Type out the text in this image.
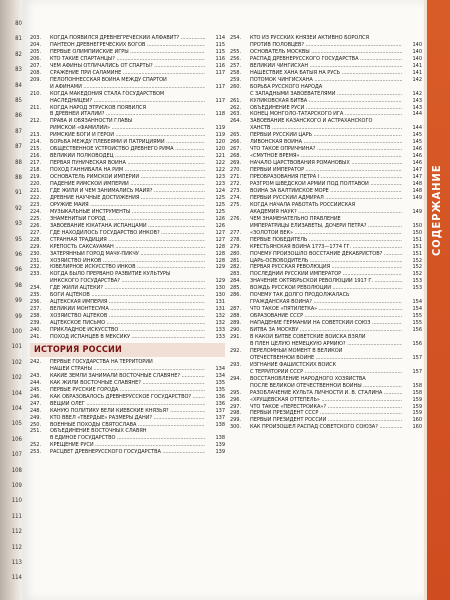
80
81
82
83
84
85
86
87
87
88
88
91
92
93
95
96
96
98
99
99
100
101
102
102
104
104
105
106
107
108
109
110
111
112
112
113
114
203.	КОГДА ПОЯВИЛСЯ ДРЕВНЕГРЕЧЕСКИЙ АЛФАВИТ? .....	114
204.	ПАНТЕОН ДРЕВНЕГРЕЧЕСКИХ БОГОВ .....	115
205.	ПЕРВЫЕ ОЛИМПИЙСКИЕ ИГРЫ .....	115
206.	КТО ТАКИЕ СПАРТАНЦЫ? .....	116
207.	ЧЕМ АФИНЫ ОТЛИЧАЛИСЬ ОТ СПАРТЫ? .....	116
208.	СРАЖЕНИЕ ПРИ САЛАМИНЕ .....	117
209.	ПЕЛОПОННЕССКАЯ ВОЙНА МЕЖДУ СПАРТОЙ
И АФИНАМИ .....	117
210.	КОГДА МАКЕДОНИЯ СТАЛА ГОСУДАРСТВОМ
НАСЛЕДНИЦЕЙ? .....	117
211.	КОГДА НАРОД ЭТРУСКОВ ПОЯВИЛСЯ
В ДРЕВНЕЙ ИТАЛИИ? .....	118
212.	ПРАВА И ОБЯЗАННОСТИ ГЛАВЫ
РИМСКОЙ «ФАМИЛИИ» .....	119
213.	РИМСКИЕ БОГИ И ГЕРОИ .....	119
214.	БОРЬБА МЕЖДУ ПЛЕБЕЯМИ И ПАТРИЦИЯМИ .....	120
215.	ОБЩЕСТВЕННОЕ УСТРОЙСТВО ДРЕВНЕГО РИМА .....	120
216.	ВЕЛИКИЙ ПОЛКОВОДЕЦ .....	121
217.	ПЕРВАЯ ПУНИЧЕСКАЯ ВОЙНА .....	122
218.	ПОХОД ГАННИБАЛА НА РИМ .....	122
219.	ОСНОВАТЕЛЬ РИМСКОЙ ИМПЕРИИ .....	123
220.	ПАДЕНИЕ РИМСКОЙ ИМПЕРИИ .....	123
221.	ГДЕ ЖИЛИ И ЧЕМ ЗАНИМАЛИСЬ МАЙЯ? .....	124
222.	ДРЕВНИЕ НАУЧНЫЕ ДОСТИЖЕНИЯ .....	125
223.	ОРУЖИЕ МАЙЯ .....	125
224.	МУЗЫКАЛЬНЫЕ ИНСТРУМЕНТЫ .....	125
225.	ЗНАМЕНИТЫЙ ГОРОД .....	126
226.	ЗАВОЕВАНИЕ ЮКАТАНА ИСПАНЦАМИ .....	126
227.	ГДЕ НАХОДИЛОСЬ ГОСУДАРСТВО ИНКОВ? .....	127
228.	СТРАННАЯ ТРАДИЦИЯ .....	127
229.	КРЕПОСТЬ САКСАУАМАН .....	128
230.	ЗАТЕРЯННЫЙ ГОРОД МАЧУ-ПИКЧУ .....	128
231.	ХОЗЯЙСТВО ИНКОВ .....	128
232.	ЮВЕЛИРНОЕ ИСКУССТВО ИНКОВ .....	129
233.	КОГДА БЫЛО ПРЕРВАНО РАЗВИТИЕ КУЛЬТУРЫ
ИНКСКОГО ГОСУДАРСТВА? .....	129
234.	ГДЕ ЖИЛИ АЦТЕКИ? .....	130
235.	БОГИ АЦТЕКОВ .....	130
236.	АЦТЕКСКАЯ ИМПЕРИЯ .....	131
237.	ВЕЛИКИЙ МОНТЕСУМА .....	131
238.	ХОЗЯЙСТВО АЦТЕКОВ .....	132
239.	АЦТЕКСКОЕ ПИСЬМО .....	132
240.	ПРИКЛАДНОЕ ИСКУССТВО .....	133
241.	ПОХОД ИСПАНЦЕВ В МЕКСИКУ .....	133
ИСТОРИЯ РОССИИ
242.	ПЕРВЫЕ ГОСУДАРСТВА НА ТЕРРИТОРИИ
НАШЕЙ СТРАНЫ .....	134
243.	КАКИЕ ЗЕМЛИ ЗАНИМАЛИ ВОСТОЧНЫЕ СЛАВЯНЕ? .....	134
244.	КАК ЖИЛИ ВОСТОЧНЫЕ СЛАВЯНЕ? .....	135
245.	ПЕРВЫЕ РУССКИЕ ГОРОДА .....	135
246.	КАК ОБРАЗОВАЛОСЬ ДРЕВНЕРУССКОЕ ГОСУДАРСТВО? .....	136
247.	ВЕЩИЙ ОЛЕГ .....	136
248.	КАНУЮ ПОЛИТИКУ ВЕЛИ КИЕВСКИЕ КНЯЗЬЯ? .....	137
249.	КТО ВВЁЛ «ТВЁРДЫЕ» РАЗМЕРЫ ДАНИ? .....	137
250.	ВОЕННЫЕ ПОХОДЫ СВЯТОСЛАВА .....	138
251.	ОБЪЕДИНЕНИЕ ВОСТОЧНЫХ СЛАВЯН
В ЕДИНОЕ ГОСУДАРСТВО .....	138
252.	КРЕЩЕНИЕ РУСИ .....	139
253.	РАСЦВЕТ ДРЕВНЕРУССКОГО ГОСУДАРСТВА .....	139
254.	КТО ИЗ РУССКИХ КНЯЗЕЙ АКТИВНО БОРОЛСЯ
ПРОТИВ ПОЛОВЦЕВ? .....	140
255.	ОСНОВАТЕЛЬ МОСКВЫ .....	140
256.	РАСПАД ДРЕВНЕРУССКОГО ГОСУДАРСТВА .....	140
257.	ВЕЛИКИЙ ЧИНГИСХАН .....	141
258.	НАШЕСТВИЕ ХАНА БАТЫЯ НА РУСЬ .....	141
259.	ПОТОМОК ЧИНГИСХАНА .....	142
260.	БОРЬБА РУССКОГО НАРОДА
С ЗАПАДНЫМИ ЗАВОЕВАТЕЛЯМИ .....	142
261.	КУЛИКОВСКАЯ БИТВА .....	143
262.	ОБЪЕДИНЕНИЕ РУСИ .....	143
263.	КОНЕЦ МОНГОЛО-ТАТАРСКОГО ИГА .....	144
264.	ЗАВОЕВАНИЕ КАЗАНСКОГО И АСТРАХАНСКОГО
ХАНСТВ .....	144
265.	ПЕРВЫЙ РУССКИЙ ЦАРЬ .....	145
266.	ЛИВОНСКАЯ ВОЙНА .....	145
267.	ЧТО ТАКОЕ ОПРИЧНИНА? .....	146
268.	«СМУТНОЕ ВРЕМЯ» .....	146
269.	НАЧАЛО ЦАРСТВОВАНИЯ РОМАНОВЫХ .....	146
270.	ПЕРВЫЙ ИМПЕРАТОР .....	147
271.	ПРЕОБРАЗОВАНИЯ ПЕТРА I .....	147
272.	РАЗГРОМ ШВЕДСКОЙ АРМИИ ПОД ПОЛТАВОЙ .....	148
273.	ВОЙНА ЗА БАЛТИЙСКОЕ МОРЕ .....	148
274.	ПЕРВЫЙ РУССКИЙ АДМИРАЛ .....	149
275.	КОГДА НАЧАЛА РАБОТАТЬ РОССИЙСКАЯ
АКАДЕМИЯ НАУК? .....	149
276.	ЧЕМ ЗНАМЕНАТЕЛЬНО ПРАВЛЕНИЕ
ИМПЕРАТРИЦЫ ЕЛИЗАВЕТЫ, ДОЧЕРИ ПЕТРА? .....	150
277.	«ЗОЛОТОЙ ВЕК» .....	150
278.	ПЕРВЫЕ ПОБЕДИТЕЛЬ .....	151
279.	КРЕСТЬЯНСКАЯ ВОЙНА 1773—1774 ГГ. .....	151
280.	ПОЧЕМУ ПРОИЗОШЛО ВОССТАНИЕ ДЕКАБРИСТОВ? .....	151
281.	ЦАРЬ-ОСВОБОДИТЕЛЬ .....	152
282.	ПЕРВАЯ РУССКАЯ РЕВОЛЮЦИЯ .....	152
283.	ПОСЛЕДНИЙ РУССКИЙ ИМПЕРАТОР .....	152
284.	ЗНАЧЕНИЕ ОКТЯБРЬСКОЙ РЕВОЛЮЦИИ 1917 Г. .....	153
285.	ВОЖДЬ РУССКОЙ РЕВОЛЮЦИИ .....	153
286.	ПОЧЕМУ ТАК ДОЛГО ПРОДОЛЖАЛАСЬ
ГРАЖДАНСКАЯ ВОЙНА? .....	154
287.	ЧТО ТАКОЕ «ПЯТИЛЕТКА» .....	154
288.	ОБРАЗОВАНИЕ СССР .....	155
289.	НАПАДЕНИЕ ГЕРМАНИИ НА СОВЕТСКИЙ СОЮЗ .....	155
290.	БИТВА ЗА МОСКВУ .....	156
291.	В КАКОЙ БИТВЕ СОВЕТСКИЕ ВОЙСКА ВЗЯЛИ
В ПЛЕН ЦЕЛУЮ НЕМЕЦКУЮ АРМИЮ? .....	156
292.	ПЕРЕЛОМНЫЙ МОМЕНТ В ВЕЛИКОЙ
ОТЕЧЕСТВЕННОЙ ВОЙНЕ .....	157
293.	ИЗГНАНИЕ ФАШИСТСКИХ ВОЙСК
С ТЕРРИТОРИИ СССР .....	157
294.	ВОССТАНОВЛЕНИЕ НАРОДНОГО ХОЗЯЙСТВА
ПОСЛЕ ВЕЛИКОЙ ОТЕЧЕСТВЕННОЙ ВОЙНЫ .....	158
295.	РАЗОБЛАЧЕНИЕ КУЛЬТА ЛИЧНОСТИ И. В. СТАЛИНА .....	158
296.	«ХРУЩЁВСКАЯ ОТТЕПЕЛЬ» .....	159
297.	ЧТО ТАКОЕ «ПЕРЕСТРОЙКА»? .....	159
298.	ПЕРВЫЙ ПРЕЗИДЕНТ СССР .....	159
299.	ПЕРВЫЙ ПРЕЗИДЕНТ РОССИИ .....	160
300.	КАК ПРОИЗОШЁЛ РАСПАД СОВЕТСКОГО СОЮЗА? .....	160
СОДЕРЖАНИЕ
